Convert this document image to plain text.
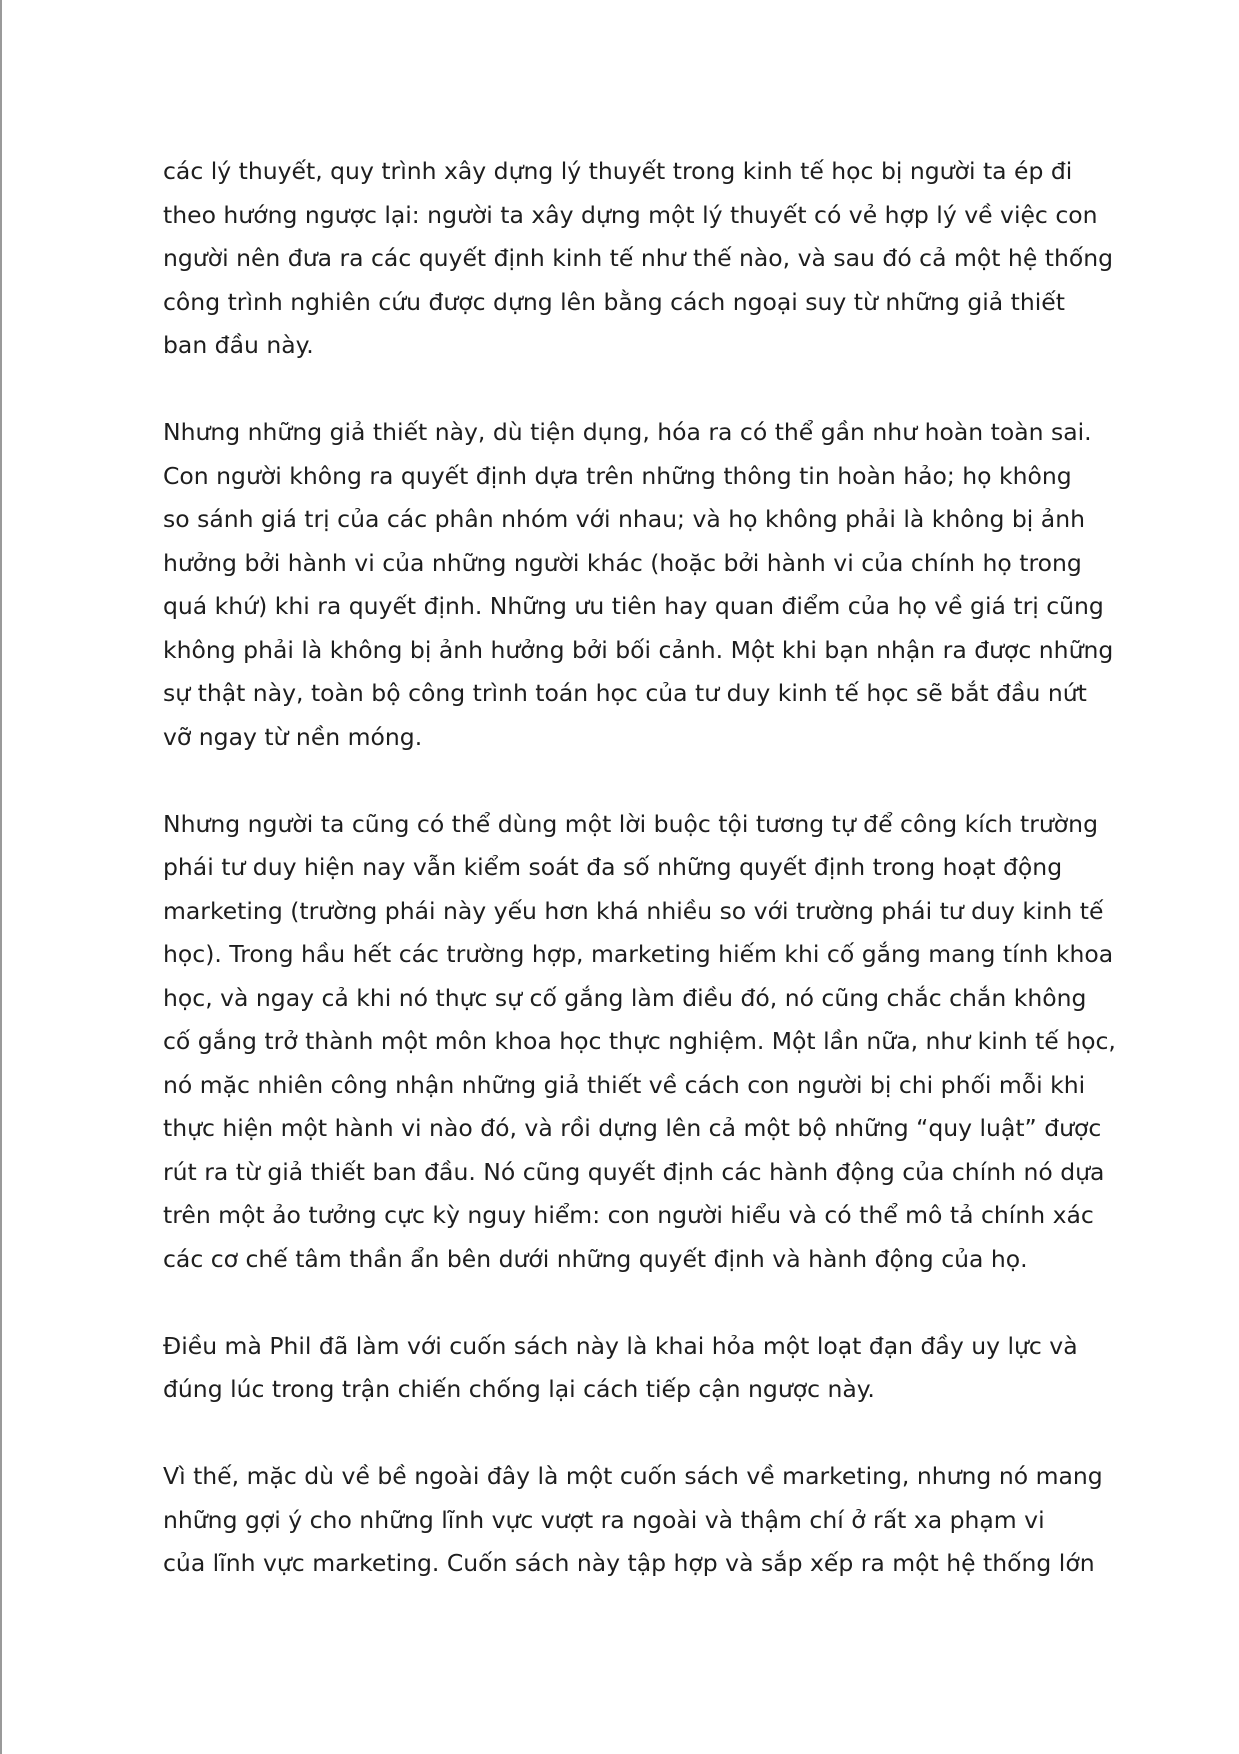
các lý thuyết, quy trình xây dựng lý thuyết trong kinh tế học bị người ta ép đi
theo hướng ngược lại: người ta xây dựng một lý thuyết có vẻ hợp lý về việc con
người nên đưa ra các quyết định kinh tế như thế nào, và sau đó cả một hệ thống
công trình nghiên cứu được dựng lên bằng cách ngoại suy từ những giả thiết
ban đầu này.

Nhưng những giả thiết này, dù tiện dụng, hóa ra có thể gần như hoàn toàn sai.
Con người không ra quyết định dựa trên những thông tin hoàn hảo; họ không
so sánh giá trị của các phân nhóm với nhau; và họ không phải là không bị ảnh
hưởng bởi hành vi của những người khác (hoặc bởi hành vi của chính họ trong
quá khứ) khi ra quyết định. Những ưu tiên hay quan điểm của họ về giá trị cũng
không phải là không bị ảnh hưởng bởi bối cảnh. Một khi bạn nhận ra được những
sự thật này, toàn bộ công trình toán học của tư duy kinh tế học sẽ bắt đầu nứt
vỡ ngay từ nền móng.

Nhưng người ta cũng có thể dùng một lời buộc tội tương tự để công kích trường
phái tư duy hiện nay vẫn kiểm soát đa số những quyết định trong hoạt động
marketing (trường phái này yếu hơn khá nhiều so với trường phái tư duy kinh tế
học). Trong hầu hết các trường hợp, marketing hiếm khi cố gắng mang tính khoa
học, và ngay cả khi nó thực sự cố gắng làm điều đó, nó cũng chắc chắn không
cố gắng trở thành một môn khoa học thực nghiệm. Một lần nữa, như kinh tế học,
nó mặc nhiên công nhận những giả thiết về cách con người bị chi phối mỗi khi
thực hiện một hành vi nào đó, và rồi dựng lên cả một bộ những “quy luật” được
rút ra từ giả thiết ban đầu. Nó cũng quyết định các hành động của chính nó dựa
trên một ảo tưởng cực kỳ nguy hiểm: con người hiểu và có thể mô tả chính xác
các cơ chế tâm thần ẩn bên dưới những quyết định và hành động của họ.

Điều mà Phil đã làm với cuốn sách này là khai hỏa một loạt đạn đầy uy lực và
đúng lúc trong trận chiến chống lại cách tiếp cận ngược này.

Vì thế, mặc dù về bề ngoài đây là một cuốn sách về marketing, nhưng nó mang
những gợi ý cho những lĩnh vực vượt ra ngoài và thậm chí ở rất xa phạm vi
của lĩnh vực marketing. Cuốn sách này tập hợp và sắp xếp ra một hệ thống lớn
